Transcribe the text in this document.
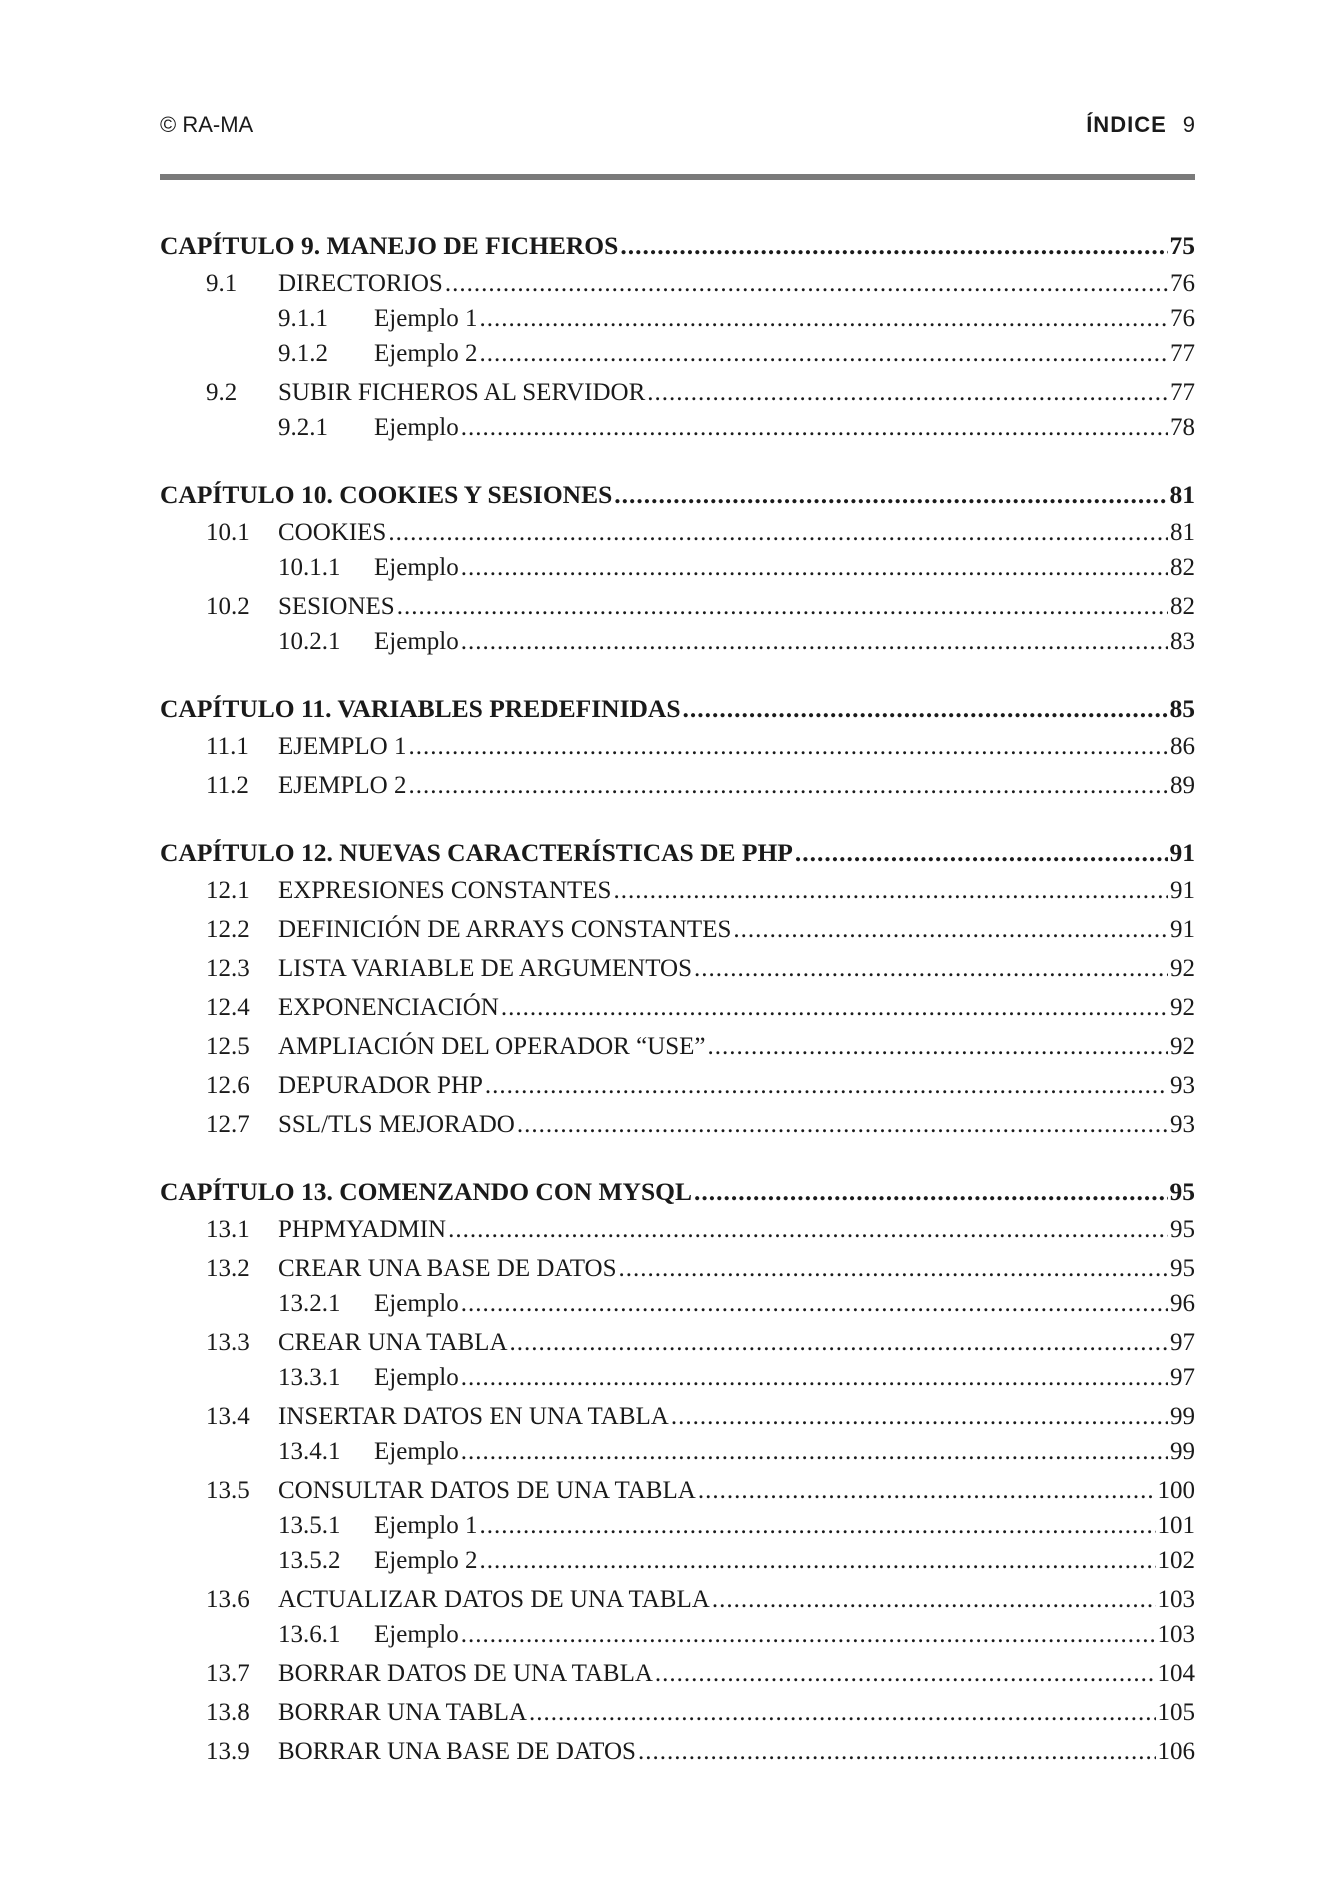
© RA-MA	ÍNDICE 9
CAPÍTULO 9. MANEJO DE FICHEROS .....	75
9.1	DIRECTORIOS .....	76
9.1.1	Ejemplo 1 .....	76
9.1.2	Ejemplo 2 .....	77
9.2	SUBIR FICHEROS AL SERVIDOR .....	77
9.2.1	Ejemplo .....	78
CAPÍTULO 10. COOKIES Y SESIONES .....	81
10.1	COOKIES .....	81
10.1.1	Ejemplo .....	82
10.2	SESIONES .....	82
10.2.1	Ejemplo .....	83
CAPÍTULO 11. VARIABLES PREDEFINIDAS .....	85
11.1	EJEMPLO 1 .....	86
11.2	EJEMPLO 2 .....	89
CAPÍTULO 12. NUEVAS CARACTERÍSTICAS DE PHP .....	91
12.1	EXPRESIONES CONSTANTES .....	91
12.2	DEFINICIÓN DE ARRAYS CONSTANTES .....	91
12.3	LISTA VARIABLE DE ARGUMENTOS .....	92
12.4	EXPONENCIACIÓN .....	92
12.5	AMPLIACIÓN DEL OPERADOR “USE” .....	92
12.6	DEPURADOR PHP .....	93
12.7	SSL/TLS MEJORADO .....	93
CAPÍTULO 13. COMENZANDO CON MYSQL .....	95
13.1	PHPMYADMIN .....	95
13.2	CREAR UNA BASE DE DATOS .....	95
13.2.1	Ejemplo .....	96
13.3	CREAR UNA TABLA .....	97
13.3.1	Ejemplo .....	97
13.4	INSERTAR DATOS EN UNA TABLA .....	99
13.4.1	Ejemplo .....	99
13.5	CONSULTAR DATOS DE UNA TABLA .....	100
13.5.1	Ejemplo 1 .....	101
13.5.2	Ejemplo 2 .....	102
13.6	ACTUALIZAR DATOS DE UNA TABLA .....	103
13.6.1	Ejemplo .....	103
13.7	BORRAR DATOS DE UNA TABLA .....	104
13.8	BORRAR UNA TABLA .....	105
13.9	BORRAR UNA BASE DE DATOS .....	106
